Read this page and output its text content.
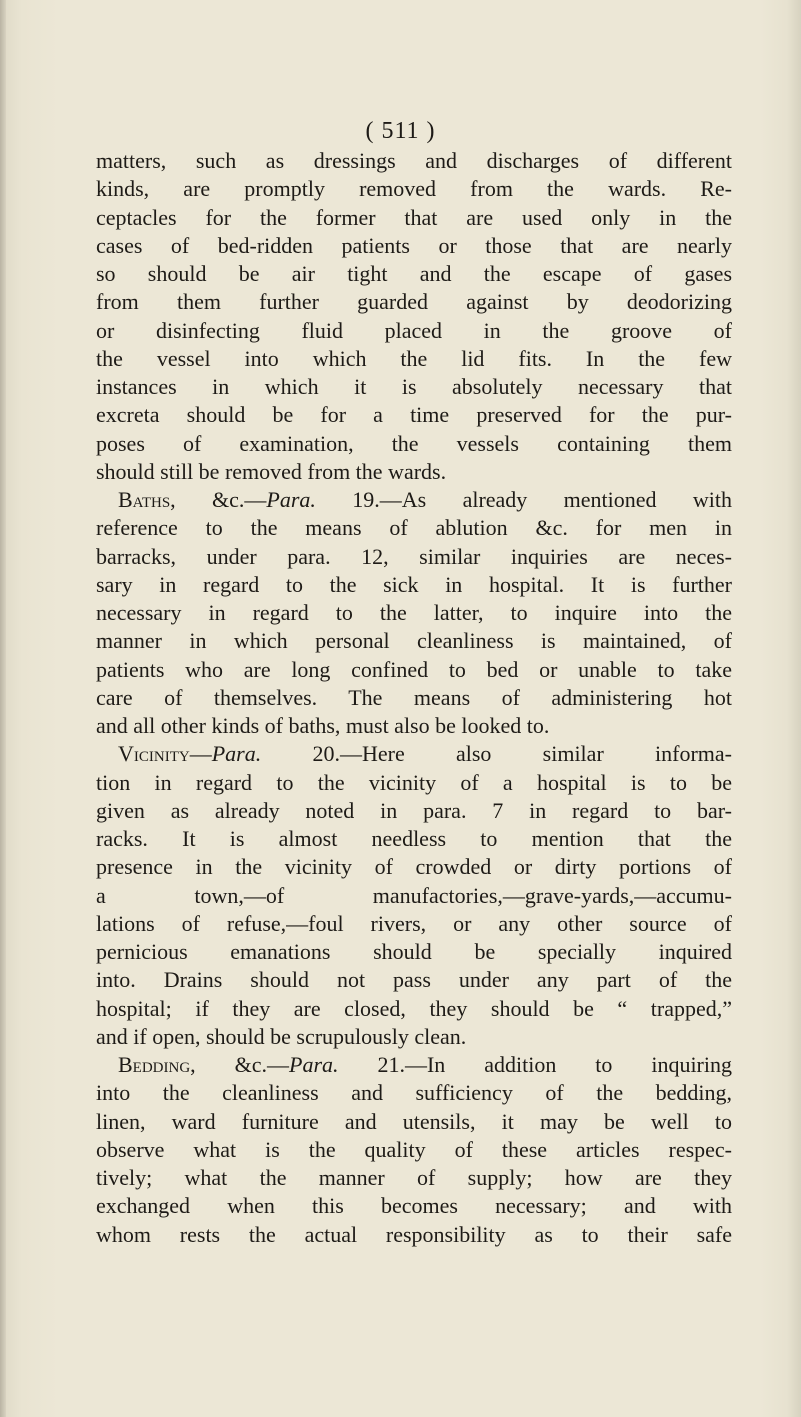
( 511 )
matters, such as dressings and discharges of different
kinds, are promptly removed from the wards. Re-
ceptacles for the former that are used only in the
cases of bed-ridden patients or those that are nearly
so should be air tight and the escape of gases
from them further guarded against by deodorizing
or disinfecting fluid placed in the groove of
the vessel into which the lid fits. In the few
instances in which it is absolutely necessary that
excreta should be for a time preserved for the pur-
poses of examination, the vessels containing them
should still be removed from the wards.
Baths, &c.—Para. 19.—As already mentioned with
reference to the means of ablution &c. for men in
barracks, under para. 12, similar inquiries are neces-
sary in regard to the sick in hospital. It is further
necessary in regard to the latter, to inquire into the
manner in which personal cleanliness is maintained, of
patients who are long confined to bed or unable to take
care of themselves. The means of administering hot
and all other kinds of baths, must also be looked to.
Vicinity—Para. 20.—Here also similar informa-
tion in regard to the vicinity of a hospital is to be
given as already noted in para. 7 in regard to bar-
racks. It is almost needless to mention that the
presence in the vicinity of crowded or dirty portions of
a town,—of manufactories,—grave-yards,—accumu-
lations of refuse,—foul rivers, or any other source of
pernicious emanations should be specially inquired
into. Drains should not pass under any part of the
hospital; if they are closed, they should be “ trapped,”
and if open, should be scrupulously clean.
Bedding, &c.—Para. 21.—In addition to inquiring
into the cleanliness and sufficiency of the bedding,
linen, ward furniture and utensils, it may be well to
observe what is the quality of these articles respec-
tively; what the manner of supply; how are they
exchanged when this becomes necessary; and with
whom rests the actual responsibility as to their safe
